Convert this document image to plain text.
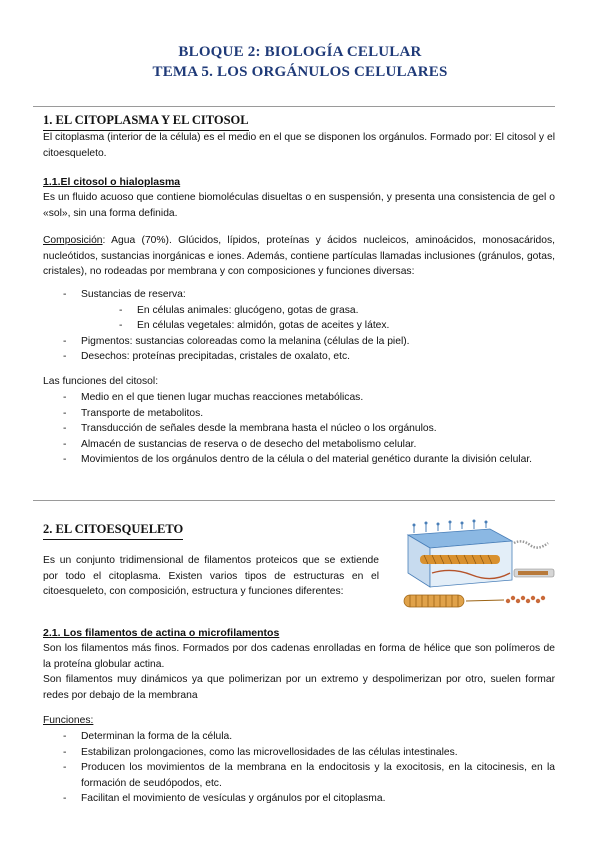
BLOQUE 2: BIOLOGÍA CELULAR
TEMA 5. LOS ORGÁNULOS CELULARES
1. EL CITOPLASMA Y EL CITOSOL
El citoplasma (interior de la célula) es el medio en el que se disponen los orgánulos. Formado por: El citosol y el citoesqueleto.
1.1.El citosol o hialoplasma
Es un fluido acuoso que contiene biomoléculas disueltas o en suspensión, y presenta una consistencia de gel o «sol», sin una forma definida.
Composición: Agua (70%). Glúcidos, lípidos, proteínas y ácidos nucleicos, aminoácidos, monosacáridos, nucleótidos, sustancias inorgánicas e iones. Además, contiene partículas llamadas inclusiones (gránulos, gotas, cristales), no rodeadas por membrana y con composiciones y funciones diversas:
- Sustancias de reserva:
- En células animales: glucógeno, gotas de grasa.
- En células vegetales: almidón, gotas de aceites y látex.
- Pigmentos: sustancias coloreadas como la melanina (células de la piel).
- Desechos: proteínas precipitadas, cristales de oxalato, etc.
Las funciones del citosol:
- Medio en el que tienen lugar muchas reacciones metabólicas.
- Transporte de metabolitos.
- Transducción de señales desde la membrana hasta el núcleo o los orgánulos.
- Almacén de sustancias de reserva o de desecho del metabolismo celular.
- Movimientos de los orgánulos dentro de la célula o del material genético durante la división celular.
2. EL CITOESQUELETO
Es un conjunto tridimensional de filamentos proteicos que se extiende por todo el citoplasma. Existen varios tipos de estructuras en el citoesqueleto, con composición, estructura y funciones diferentes:
2.1. Los filamentos de actina o microfilamentos
Son los filamentos más finos. Formados por dos cadenas enrolladas en forma de hélice que son polímeros de la proteína globular actina.
Son filamentos muy dinámicos ya que polimerizan por un extremo y despolimerizan por otro, suelen formar redes por debajo de la membrana
Funciones:
- Determinan la forma de la célula.
- Estabilizan prolongaciones, como las microvellosidades de las células intestinales.
- Producen los movimientos de la membrana en la endocitosis y la exocitosis, en la citocinesis, en la formación de seudópodos, etc.
- Facilitan el movimiento de vesículas y orgánulos por el citoplasma.
